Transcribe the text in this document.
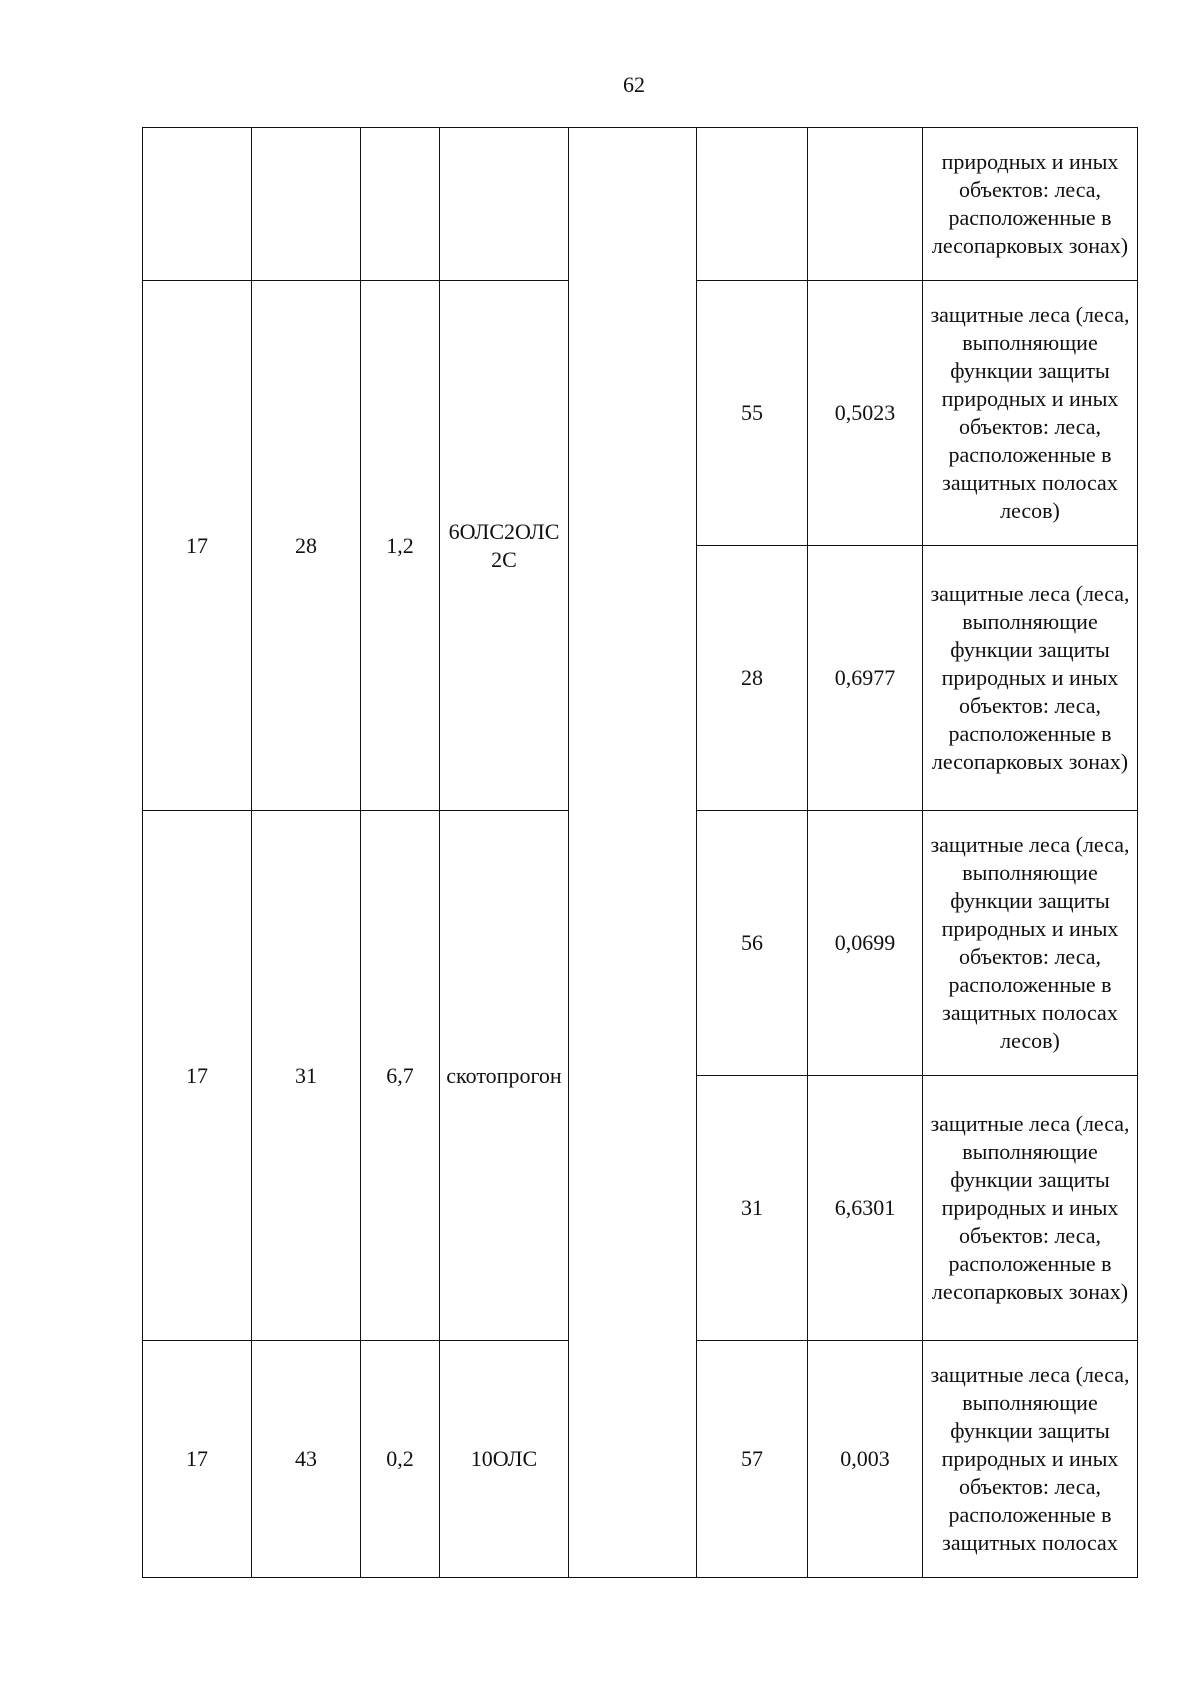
62
							природных и иных объектов: леса, расположенные в лесопарковых зонах)
17	28	1,2	6ОЛС2ОЛС2С		55	0,5023	защитные леса (леса, выполняющие функции защиты природных и иных объектов: леса, расположенные в защитных полосах лесов)
					28	0,6977	защитные леса (леса, выполняющие функции защиты природных и иных объектов: леса, расположенные в лесопарковых зонах)
17	31	6,7	скотопрогон		56	0,0699	защитные леса (леса, выполняющие функции защиты природных и иных объектов: леса, расположенные в защитных полосах лесов)
					31	6,6301	защитные леса (леса, выполняющие функции защиты природных и иных объектов: леса, расположенные в лесопарковых зонах)
17	43	0,2	10ОЛС		57	0,003	защитные леса (леса, выполняющие функции защиты природных и иных объектов: леса, расположенные в защитных полосах
